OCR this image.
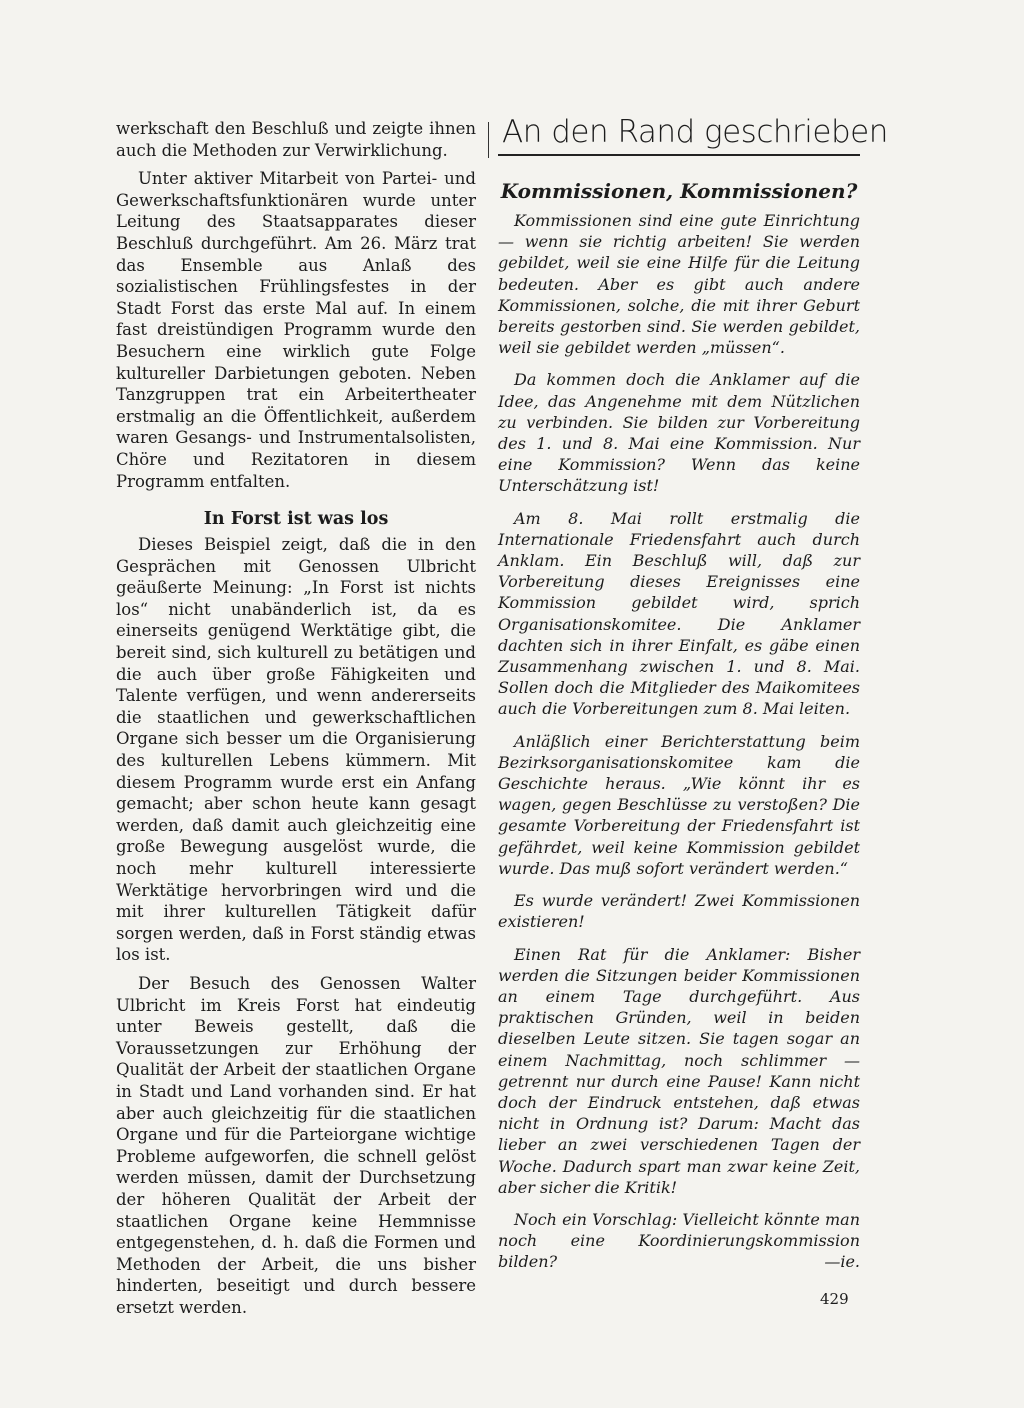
werkschaft den Beschluß und zeigte ihnen auch die Methoden zur Verwirklichung.

Unter aktiver Mitarbeit von Partei- und Gewerkschaftsfunktionären wurde unter Leitung des Staatsapparates dieser Beschluß durchgeführt. Am 26. März trat das Ensemble aus Anlaß des sozialistischen Frühlingsfestes in der Stadt Forst das erste Mal auf. In einem fast dreistündigen Programm wurde den Besuchern eine wirklich gute Folge kultureller Darbietungen geboten. Neben Tanzgruppen trat ein Arbeitertheater erstmalig an die Öffentlichkeit, außerdem waren Gesangs- und Instrumentalsolisten, Chöre und Rezitatoren in diesem Programm entfalten.

In Forst ist was los

Dieses Beispiel zeigt, daß die in den Gesprächen mit Genossen Ulbricht geäußerte Meinung: „In Forst ist nichts los“ nicht unabänderlich ist, da es einerseits genügend Werktätige gibt, die bereit sind, sich kulturell zu betätigen und die auch über große Fähigkeiten und Talente verfügen, und wenn andererseits die staatlichen und gewerkschaftlichen Organe sich besser um die Organisierung des kulturellen Lebens kümmern. Mit diesem Programm wurde erst ein Anfang gemacht; aber schon heute kann gesagt werden, daß damit auch gleichzeitig eine große Bewegung ausgelöst wurde, die noch mehr kulturell interessierte Werktätige hervorbringen wird und die mit ihrer kulturellen Tätigkeit dafür sorgen werden, daß in Forst ständig etwas los ist.

Der Besuch des Genossen Walter Ulbricht im Kreis Forst hat eindeutig unter Beweis gestellt, daß die Voraussetzungen zur Erhöhung der Qualität der Arbeit der staatlichen Organe in Stadt und Land vorhanden sind. Er hat aber auch gleichzeitig für die staatlichen Organe und für die Parteiorgane wichtige Probleme aufgeworfen, die schnell gelöst werden müssen, damit der Durchsetzung der höheren Qualität der Arbeit der staatlichen Organe keine Hemmnisse entgegenstehen, d. h. daß die Formen und Methoden der Arbeit, die uns bisher hinderten, beseitigt und durch bessere ersetzt werden.

An den Rand geschrieben
Kommissionen, Kommissionen?

Kommissionen sind eine gute Einrichtung — wenn sie richtig arbeiten! Sie werden gebildet, weil sie eine Hilfe für die Leitung bedeuten. Aber es gibt auch andere Kommissionen, solche, die mit ihrer Geburt bereits gestorben sind. Sie werden gebildet, weil sie gebildet werden „müssen“.

Da kommen doch die Anklamer auf die Idee, das Angenehme mit dem Nützlichen zu verbinden. Sie bilden zur Vorbereitung des 1. und 8. Mai eine Kommission. Nur eine Kommission? Wenn das keine Unterschätzung ist!

Am 8. Mai rollt erstmalig die Internationale Friedensfahrt auch durch Anklam. Ein Beschluß will, daß zur Vorbereitung dieses Ereignisses eine Kommission gebildet wird, sprich Organisationskomitee. Die Anklamer dachten sich in ihrer Einfalt, es gäbe einen Zusammenhang zwischen 1. und 8. Mai. Sollen doch die Mitglieder des Maikomitees auch die Vorbereitungen zum 8. Mai leiten.

Anläßlich einer Berichterstattung beim Bezirksorganisationskomitee kam die Geschichte heraus. „Wie könnt ihr es wagen, gegen Beschlüsse zu verstoßen? Die gesamte Vorbereitung der Friedensfahrt ist gefährdet, weil keine Kommission gebildet wurde. Das muß sofort verändert werden.“

Es wurde verändert! Zwei Kommissionen existieren!

Einen Rat für die Anklamer: Bisher werden die Sitzungen beider Kommissionen an einem Tage durchgeführt. Aus praktischen Gründen, weil in beiden dieselben Leute sitzen. Sie tagen sogar an einem Nachmittag, noch schlimmer — getrennt nur durch eine Pause! Kann nicht doch der Eindruck entstehen, daß etwas nicht in Ordnung ist? Darum: Macht das lieber an zwei verschiedenen Tagen der Woche. Dadurch spart man zwar keine Zeit, aber sicher die Kritik!

Noch ein Vorschlag: Vielleicht könnte man noch eine Koordinierungskommission bilden?	—ie.

429
